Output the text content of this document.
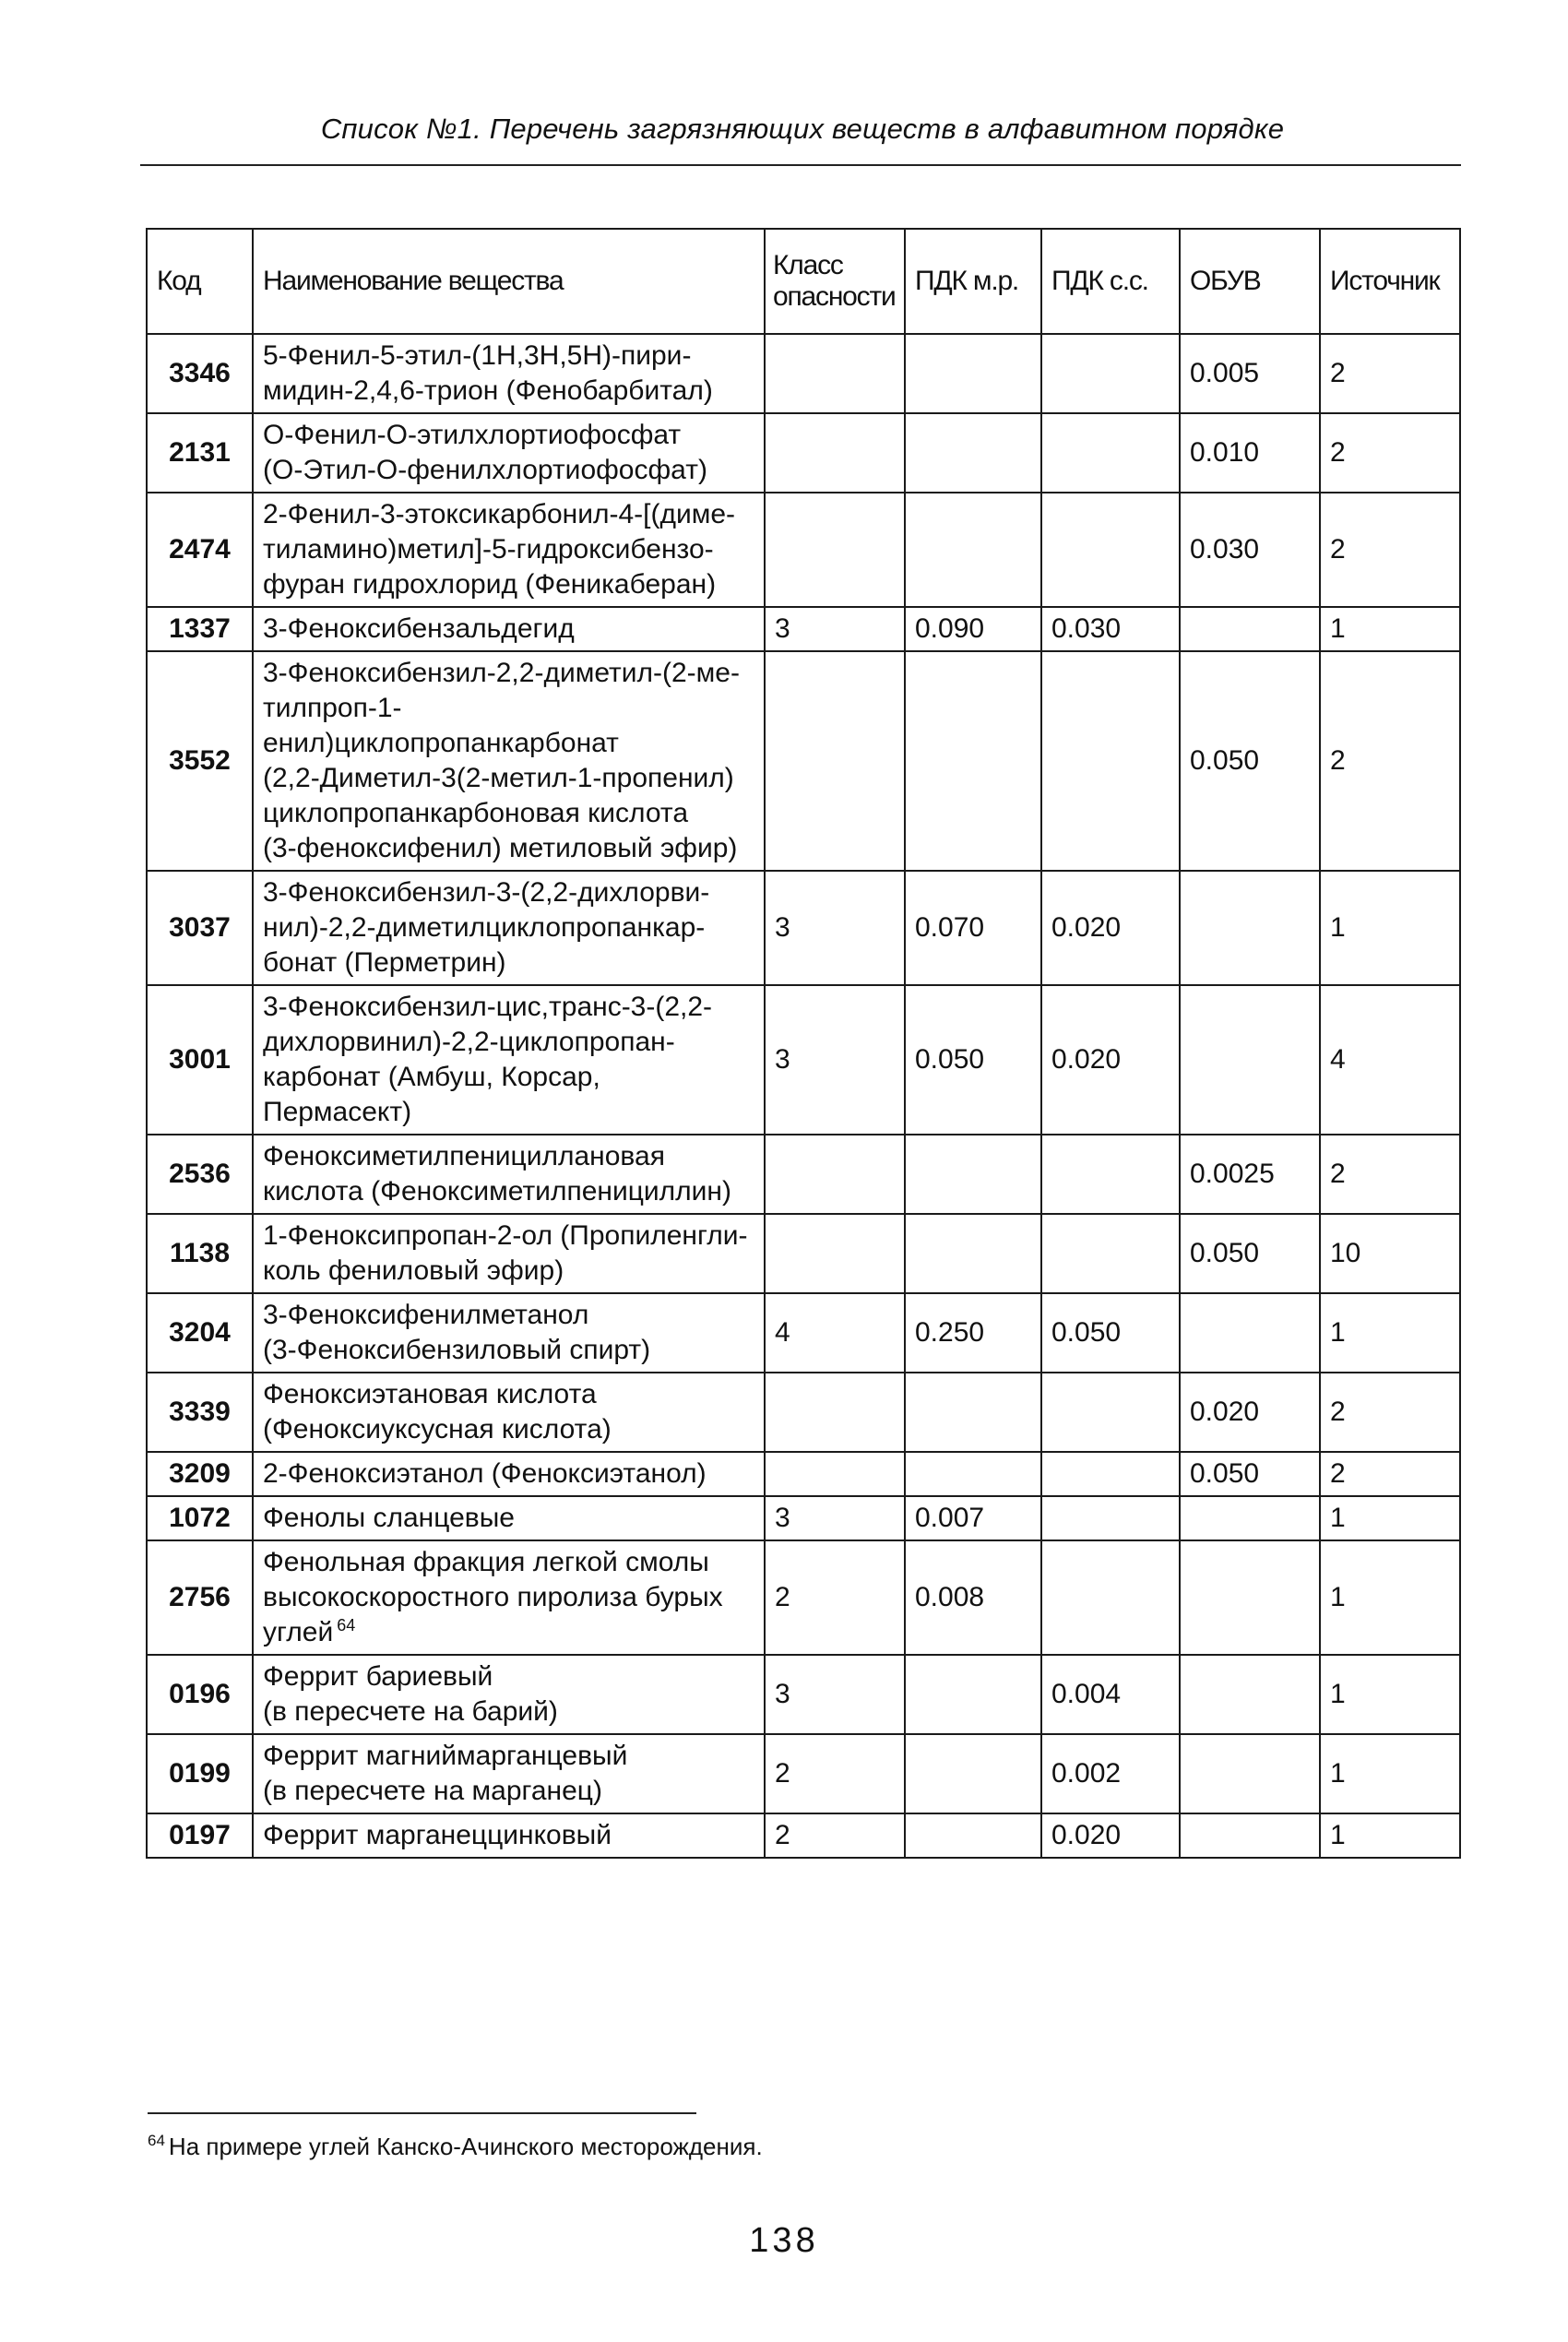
Список №1. Перечень загрязняющих веществ в алфавитном порядке
Код	Наименование вещества	Класс опасности	ПДК м.р.	ПДК с.с.	ОБУВ	Источник
3346	5-Фенил-5-этил-(1Н,3Н,5Н)-пири-
мидин-2,4,6-трион (Фенобарбитал)				0.005	2
2131	О-Фенил-О-этилхлортиофосфат
(О-Этил-О-фенилхлортиофосфат)				0.010	2
2474	2-Фенил-3-этоксикарбонил-4-[(диме-
тиламино)метил]-5-гидроксибензо-
фуран гидрохлорид (Феникаберан)				0.030	2
1337	3-Феноксибензальдегид	3	0.090	0.030		1
3552	3-Феноксибензил-2,2-диметил-(2-ме-
тилпроп-1-енил)циклопропанкарбонат
(2,2-Диметил-3(2-метил-1-пропенил)
циклопропанкарбоновая кислота
(3-феноксифенил) метиловый эфир)				0.050	2
3037	3-Феноксибензил-3-(2,2-дихлорви-
нил)-2,2-диметилциклопропанкар-
бонат (Перметрин)	3	0.070	0.020		1
3001	3-Феноксибензил-цис,транс-3-(2,2-
дихлорвинил)-2,2-циклопропан-
карбонат (Амбуш, Корсар, Пермасект)	3	0.050	0.020		4
2536	Феноксиметилпенициллановая
кислота (Феноксиметилпенициллин)				0.0025	2
1138	1-Феноксипропан-2-ол (Пропиленгли-
коль фениловый эфир)				0.050	10
3204	3-Феноксифенилметанол
(3-Феноксибензиловый спирт)	4	0.250	0.050		1
3339	Феноксиэтановая кислота
(Феноксиуксусная кислота)				0.020	2
3209	2-Феноксиэтанол (Феноксиэтанол)				0.050	2
1072	Фенолы сланцевые	3	0.007			1
2756	Фенольная фракция легкой смолы
высокоскоростного пиролиза бурых
углей $^{64}$	2	0.008			1
0196	Феррит бариевый
(в пересчете на барий)	3		0.004		1
0199	Феррит магниймарганцевый
(в пересчете на марганец)	2		0.002		1
0197	Феррит марганеццинковый	2		0.020		1
$^{64}$ На примере углей Канско-Ачинского месторождения.
138
